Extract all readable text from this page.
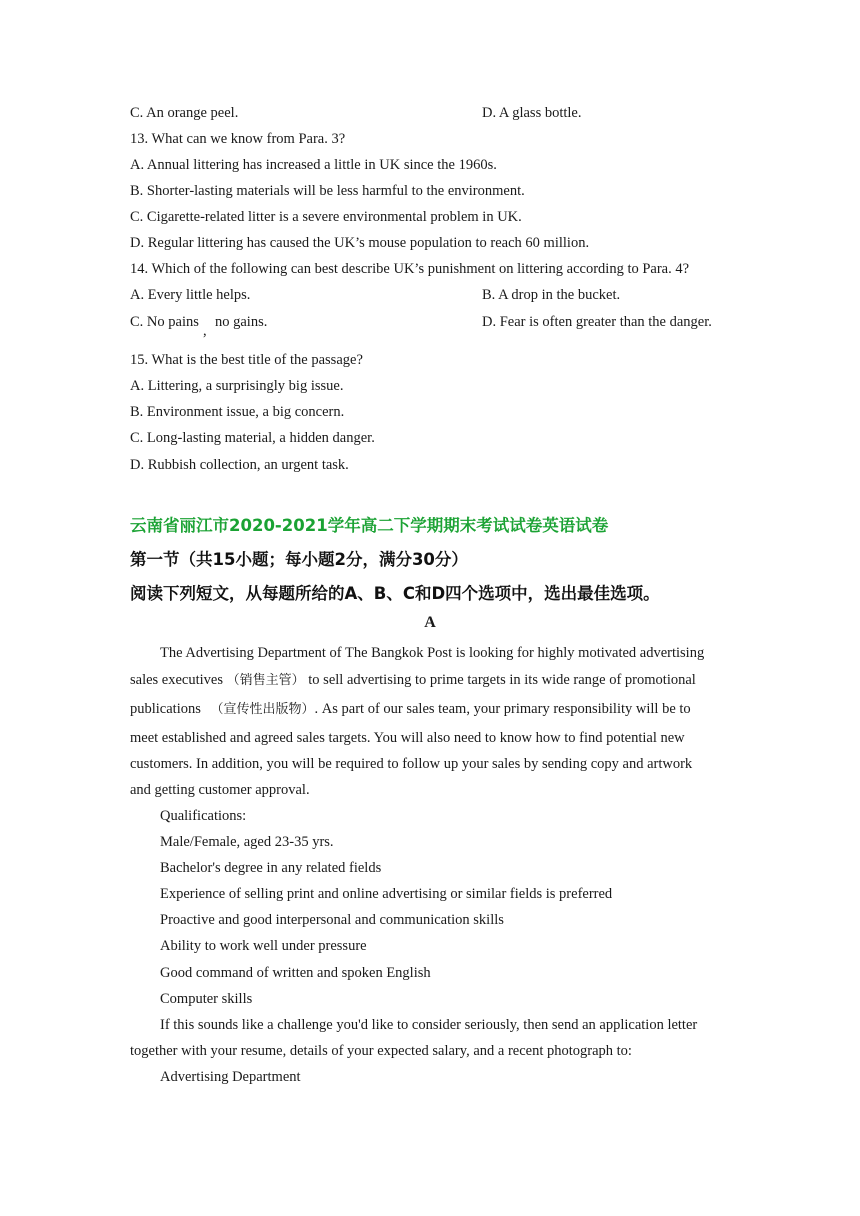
C. An orange peel.	D. A glass bottle.
13. What can we know from Para. 3?
A. Annual littering has increased a little in UK since the 1960s.
B. Shorter-lasting materials will be less harmful to the environment.
C. Cigarette-related litter is a severe environmental problem in UK.
D. Regular littering has caused the UK’s mouse population to reach 60 million.
14. Which of the following can best describe UK’s punishment on littering according to Para. 4?
A. Every little helps.	B. A drop in the bucket.
C. No pains
,
no gains.	D. Fear is often greater than the danger.
15. What is the best title of the passage?
A. Littering, a surprisingly big issue.
B. Environment issue, a big concern.
C. Long-lasting material, a hidden danger.
D. Rubbish collection, an urgent task.
云南省丽江市2020-2021学年高二下学期期末考试试卷英语试卷
第一节（共15小题；每小题2分，满分30分）
阅读下列短文，从每题所给的A、B、C和D四个选项中，选出最佳选项。
A
The Advertising Department of The Bangkok Post is looking for highly motivated advertising
sales executives （销售主管） to sell advertising to prime targets in its wide range of promotional
publications （宣传性出版物）. As part of our sales team, your primary responsibility will be to
meet established and agreed sales targets. You will also need to know how to find potential new
customers. In addition, you will be required to follow up your sales by sending copy and artwork
and getting customer approval.
Qualifications:
Male/Female, aged 23-35 yrs.
Bachelor's degree in any related fields
Experience of selling print and online advertising or similar fields is preferred
Proactive and good interpersonal and communication skills
Ability to work well under pressure
Good command of written and spoken English
Computer skills
If this sounds like a challenge you'd like to consider seriously, then send an application letter
together with your resume, details of your expected salary, and a recent photograph to:
Advertising Department
